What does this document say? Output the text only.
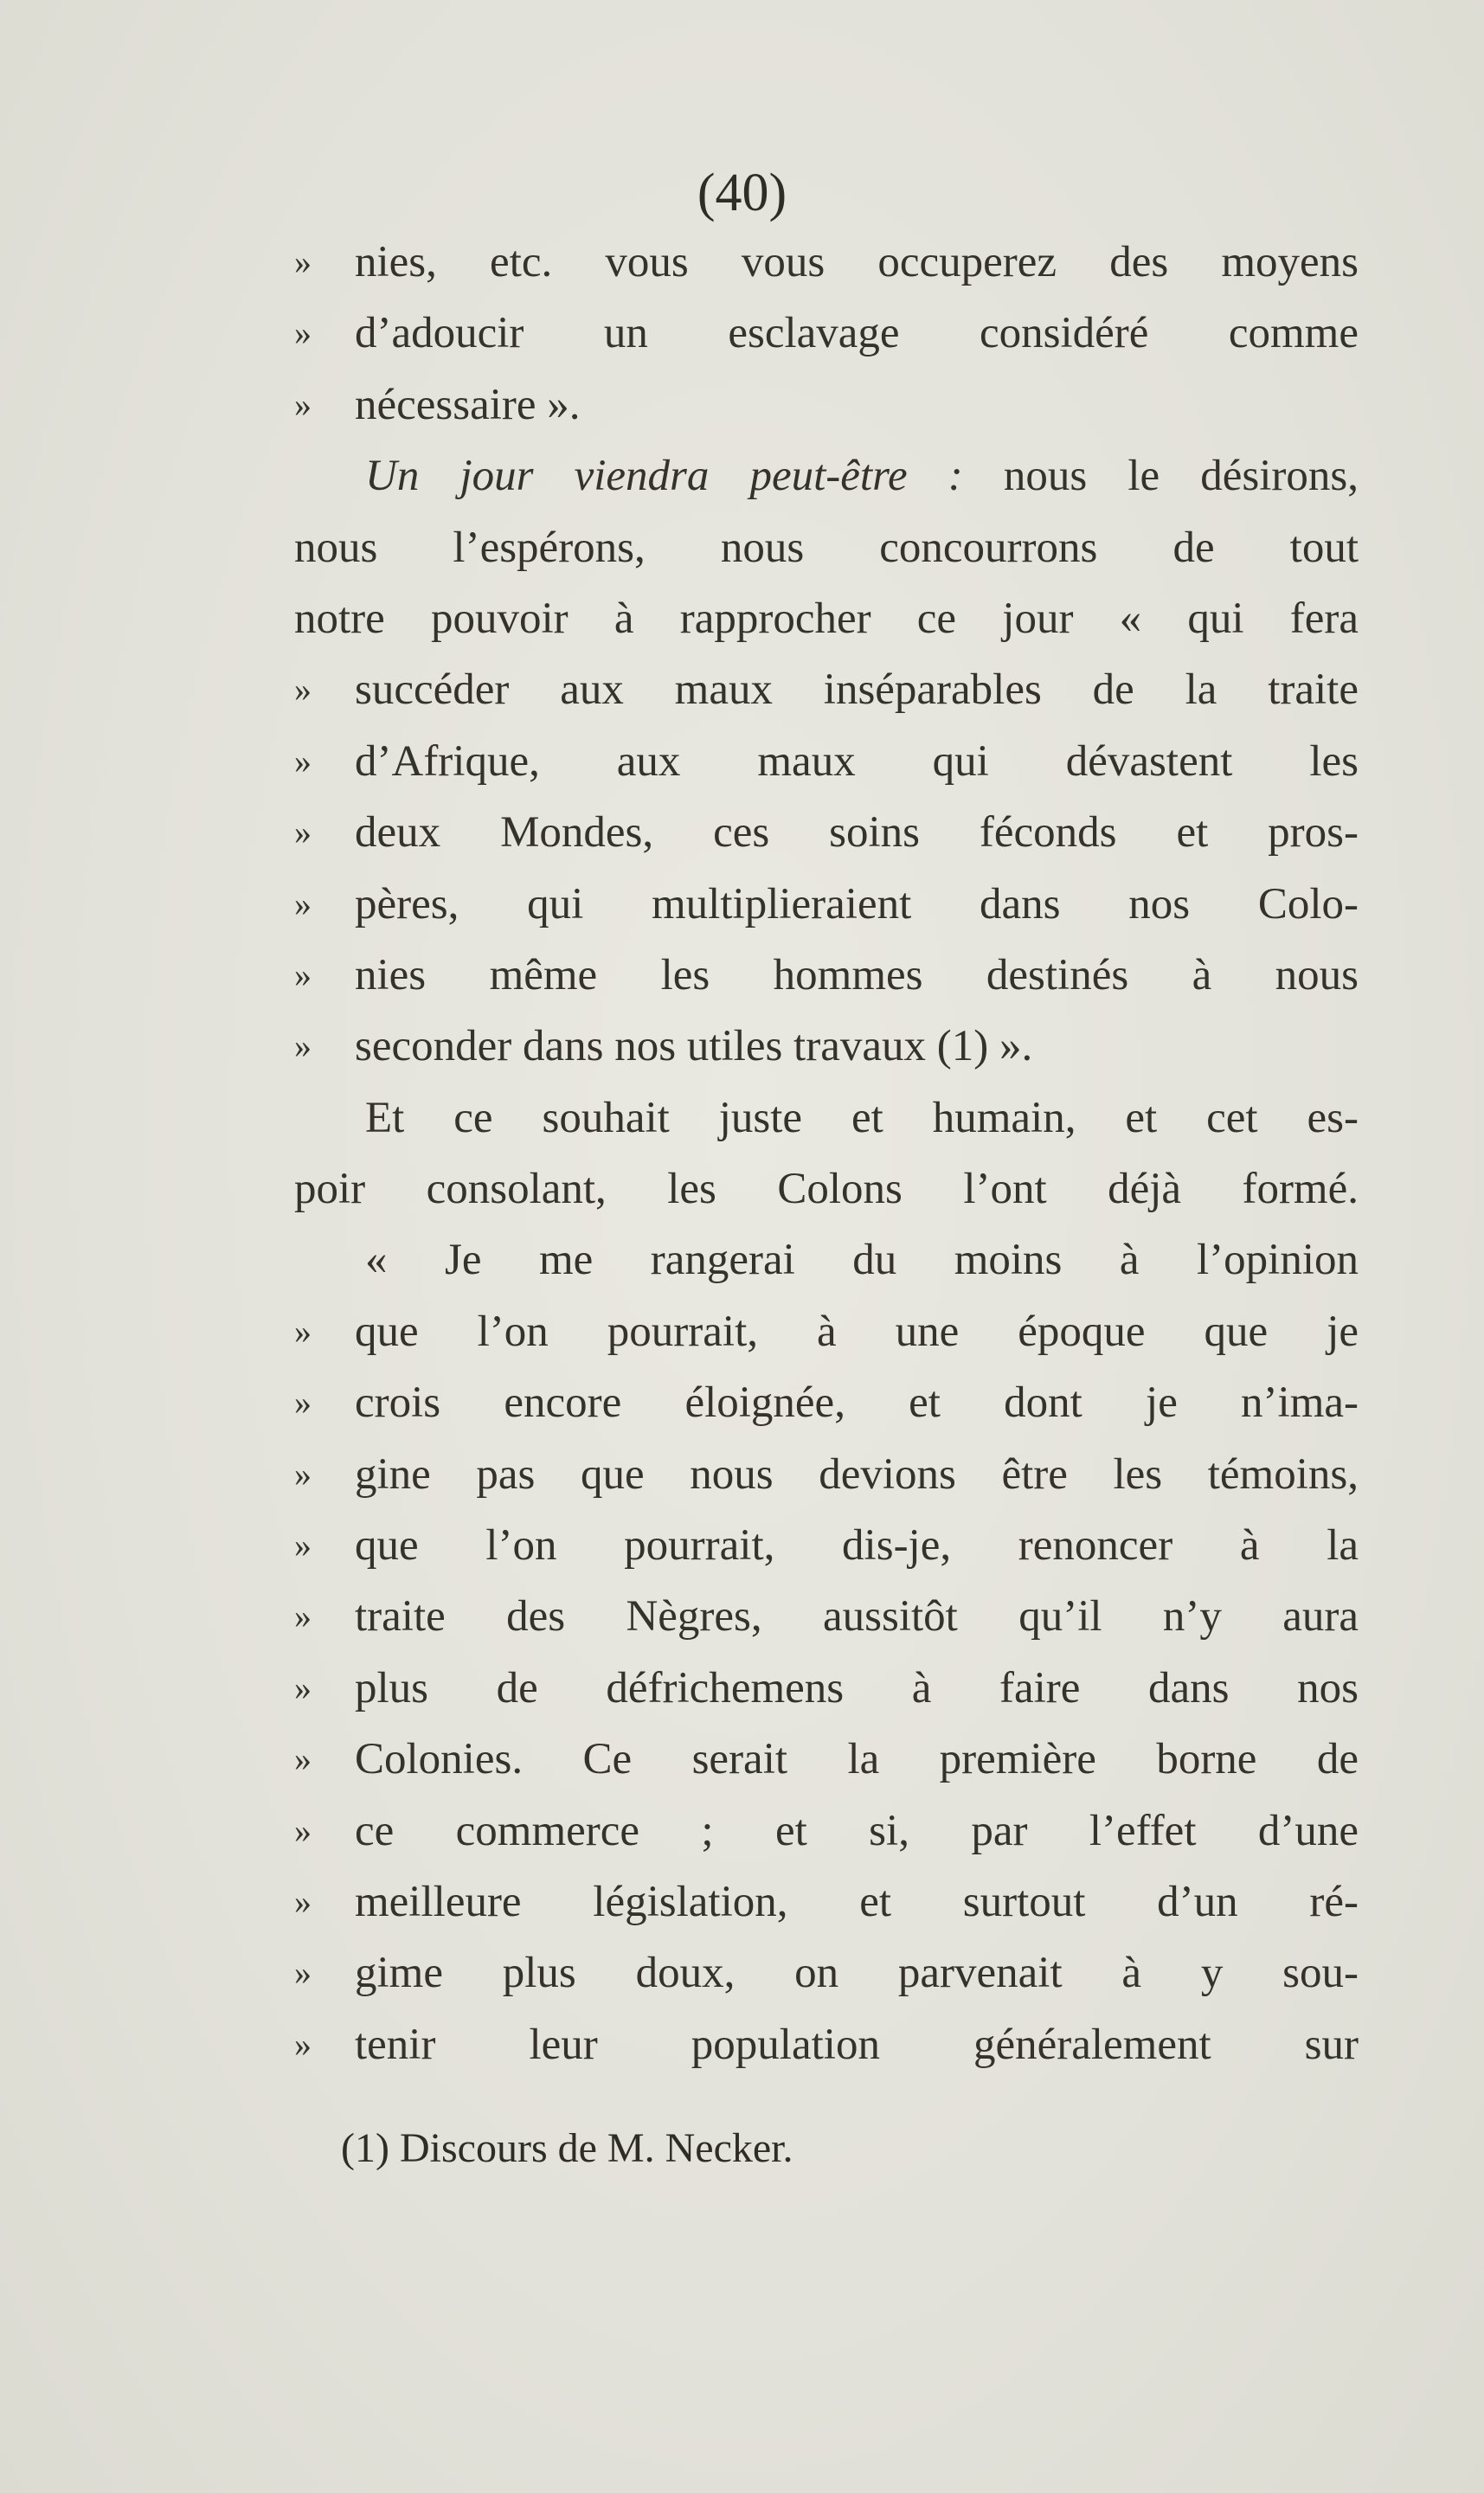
(40)
» nies, etc. vous vous occuperez des moyens
» d’adoucir un esclavage considéré comme
» nécessaire ».
Un jour viendra peut-être : nous le désirons,
nous l’espérons, nous concourrons de tout
notre pouvoir à rapprocher ce jour « qui fera
» succéder aux maux inséparables de la traite
» d’Afrique, aux maux qui dévastent les
» deux Mondes, ces soins féconds et pros-
» pères, qui multiplieraient dans nos Colo-
» nies même les hommes destinés à nous
» seconder dans nos utiles travaux (1) ».
Et ce souhait juste et humain, et cet es-
poir consolant, les Colons l’ont déjà formé.
« Je me rangerai du moins à l’opinion
» que l’on pourrait, à une époque que je
» crois encore éloignée, et dont je n’ima-
» gine pas que nous devions être les témoins,
» que l’on pourrait, dis-je, renoncer à la
» traite des Nègres, aussitôt qu’il n’y aura
» plus de défrichemens à faire dans nos
» Colonies. Ce serait la première borne de
» ce commerce ; et si, par l’effet d’une
» meilleure législation, et surtout d’un ré-
» gime plus doux, on parvenait à y sou-
» tenir leur population généralement sur
(1) Discours de M. Necker.
